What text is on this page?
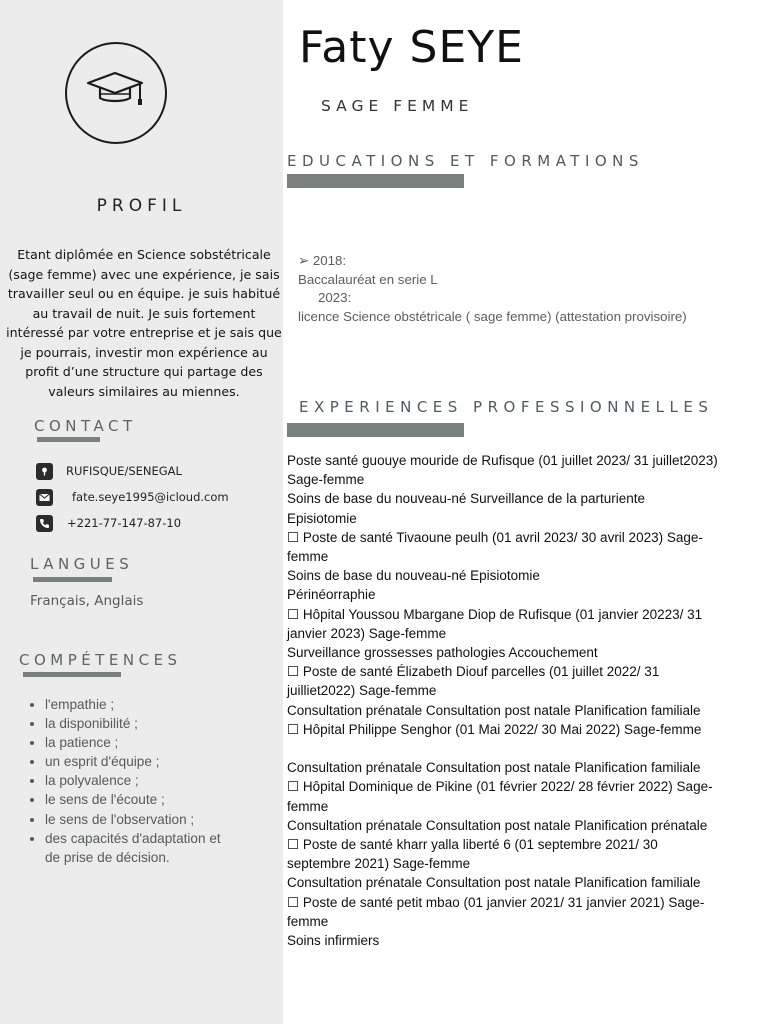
PROFIL
Etant diplômée en Science sobstétricale
(sage femme) avec une expérience, je sais
travailler seul ou en équipe. je suis habitué
au travail de nuit. Je suis fortement
intéressé par votre entreprise et je sais que
je pourrais, investir mon expérience au
profit d’une structure qui partage des
valeurs similaires au miennes.
CONTACT
RUFISQUE/SENEGAL
fate.seye1995@icloud.com
+221-77-147-87-10
LANGUES
Français, Anglais
COMPÉTENCES
• l'empathie ;
• la disponibilité ;
• la patience ;
• un esprit d'équipe ;
• la polyvalence ;
• le sens de l'écoute ;
• le sens de l'observation ;
• des capacités d'adaptation et
de prise de décision.
Faty SEYE
SAGE FEMME
EDUCATIONS ET FORMATIONS
➢ 2018:
Baccalauréat en serie L
2023:
licence Science obstétricale ( sage femme) (attestation provisoire)
EXPERIENCES PROFESSIONNELLES
Poste santé guouye mouride de Rufisque (01 juillet 2023/ 31 juillet2023)
Sage-femme
Soins de base du nouveau-né Surveillance de la parturiente
Episiotomie
☐ Poste de santé Tivaoune peulh (01 avril 2023/ 30 avril 2023) Sage-
femme
Soins de base du nouveau-né Episiotomie
Périnéorraphie
☐ Hôpital Youssou Mbargane Diop de Rufisque (01 janvier 20223/ 31
janvier 2023) Sage-femme
Surveillance grossesses pathologies Accouchement
☐ Poste de santé Élizabeth Diouf parcelles (01 juillet 2022/ 31
juilliet2022) Sage-femme
Consultation prénatale Consultation post natale Planification familiale
☐ Hôpital Philippe Senghor (01 Mai 2022/ 30 Mai 2022) Sage-femme
Consultation prénatale Consultation post natale Planification familiale
☐ Hôpital Dominique de Pikine (01 février 2022/ 28 février 2022) Sage-
femme
Consultation prénatale Consultation post natale Planification prénatale
☐ Poste de santé kharr yalla liberté 6 (01 septembre 2021/ 30
septembre 2021) Sage-femme
Consultation prénatale Consultation post natale Planification familiale
☐ Poste de santé petit mbao (01 janvier 2021/ 31 janvier 2021) Sage-
femme
Soins infirmiers
